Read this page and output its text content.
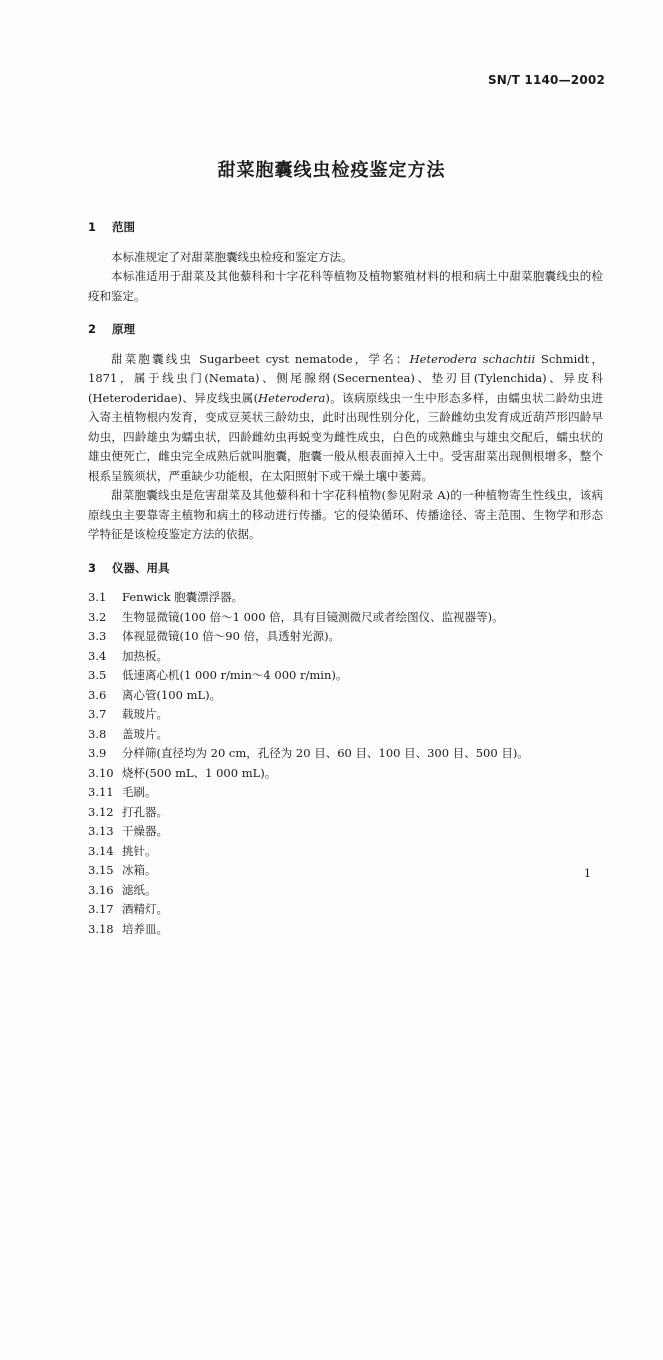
SN/T 1140—2002
甜菜胞囊线虫检疫鉴定方法

1 范围

本标准规定了对甜菜胞囊线虫检疫和鉴定方法。

本标准适用于甜菜及其他藜科和十字花科等植物及植物繁殖材料的根和病土中甜菜胞囊线虫的检疫和鉴定。

2 原理

甜菜胞囊线虫 Sugarbeet cyst nematode，学名：Heterodera schachtii Schmidt，1871，属于线虫门(Nemata)、侧尾腺纲(Secernentea)、垫刃目(Tylenchida)、异皮科(Heteroderidae)、异皮线虫属(Heterodera)。该病原线虫一生中形态多样，由蠕虫状二龄幼虫进入寄主植物根内发育，变成豆荚状三龄幼虫，此时出现性别分化，三龄雌幼虫发育成近葫芦形四龄早幼虫，四龄雄虫为蠕虫状，四龄雌幼虫再蜕变为雌性成虫，白色的成熟雌虫与雄虫交配后，蠕虫状的雄虫便死亡，雌虫完全成熟后就叫胞囊，胞囊一般从根表面掉入土中。受害甜菜出现侧根增多，整个根系呈簇须状，严重缺少功能根，在太阳照射下或干燥土壤中萎蔫。

甜菜胞囊线虫是危害甜菜及其他藜科和十字花科植物(参见附录 A)的一种植物寄生性线虫，该病原线虫主要靠寄主植物和病土的移动进行传播。它的侵染循环、传播途径、寄主范围、生物学和形态学特征是该检疫鉴定方法的依据。

3 仪器、用具

3.1 Fenwick 胞囊漂浮器。

3.2 生物显微镜(100 倍～1 000 倍，具有目镜测微尺或者绘图仪、监视器等)。

3.3 体视显微镜(10 倍～90 倍，具透射光源)。

3.4 加热板。

3.5 低速离心机(1 000 r/min～4 000 r/min)。

3.6 离心管(100 mL)。

3.7 载玻片。

3.8 盖玻片。

3.9 分样筛(直径均为 20 cm，孔径为 20 目、60 目、100 目、300 目、500 目)。

3.10 烧杯(500 mL、1 000 mL)。

3.11 毛刷。

3.12 打孔器。

3.13 干燥器。

3.14 挑针。

3.15 冰箱。

3.16 滤纸。

3.17 酒精灯。

3.18 培养皿。

1
